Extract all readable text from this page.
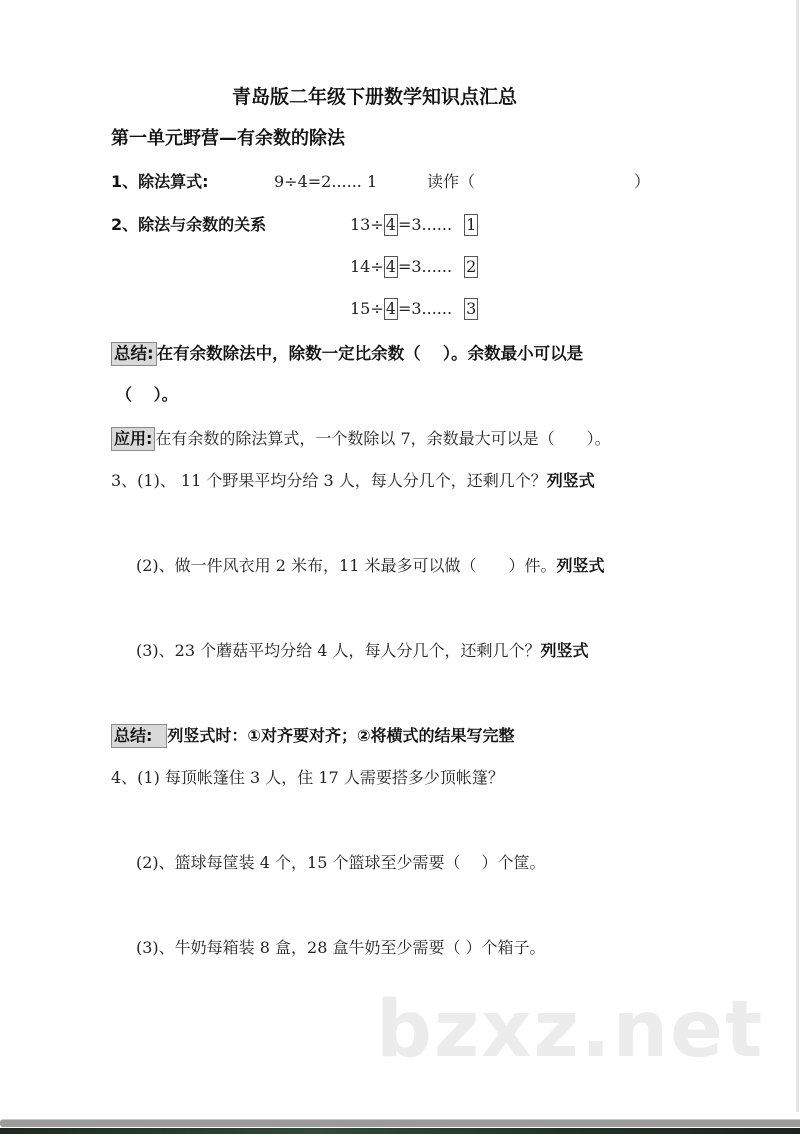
青岛版二年级下册数学知识点汇总
第一单元野营—有余数的除法
1、除法算式:	9÷4=2...... 1	读作（	）
2、除法与余数的关系	13÷ 4 =3...... 1
14÷ 4 =3...... 2
15÷ 4 =3...... 3
总结: 在有余数除法中，除数一定比余数（　 ）。余数最小可以是
（　 ）。
应用: 在有余数的除法算式，一个数除以 7，余数最大可以是（　　）。
3、(1)、 11 个野果平均分给 3 人，每人分几个，还剩几个？列竖式
(2)、做一件风衣用 2 米布，11 米最多可以做（　　）件。列竖式
(3)、23 个蘑菇平均分给 4 人，每人分几个，还剩几个？列竖式
总结: 列竖式时：①对齐要对齐；②将横式的结果写完整
4、(1) 每顶帐篷住 3 人，住 17 人需要搭多少顶帐篷？
(2)、篮球每筐装 4 个，15 个篮球至少需要（　 ）个筐。
(3)、牛奶每箱装 8 盒，28 盒牛奶至少需要（ ）个箱子。
bzxz.net
